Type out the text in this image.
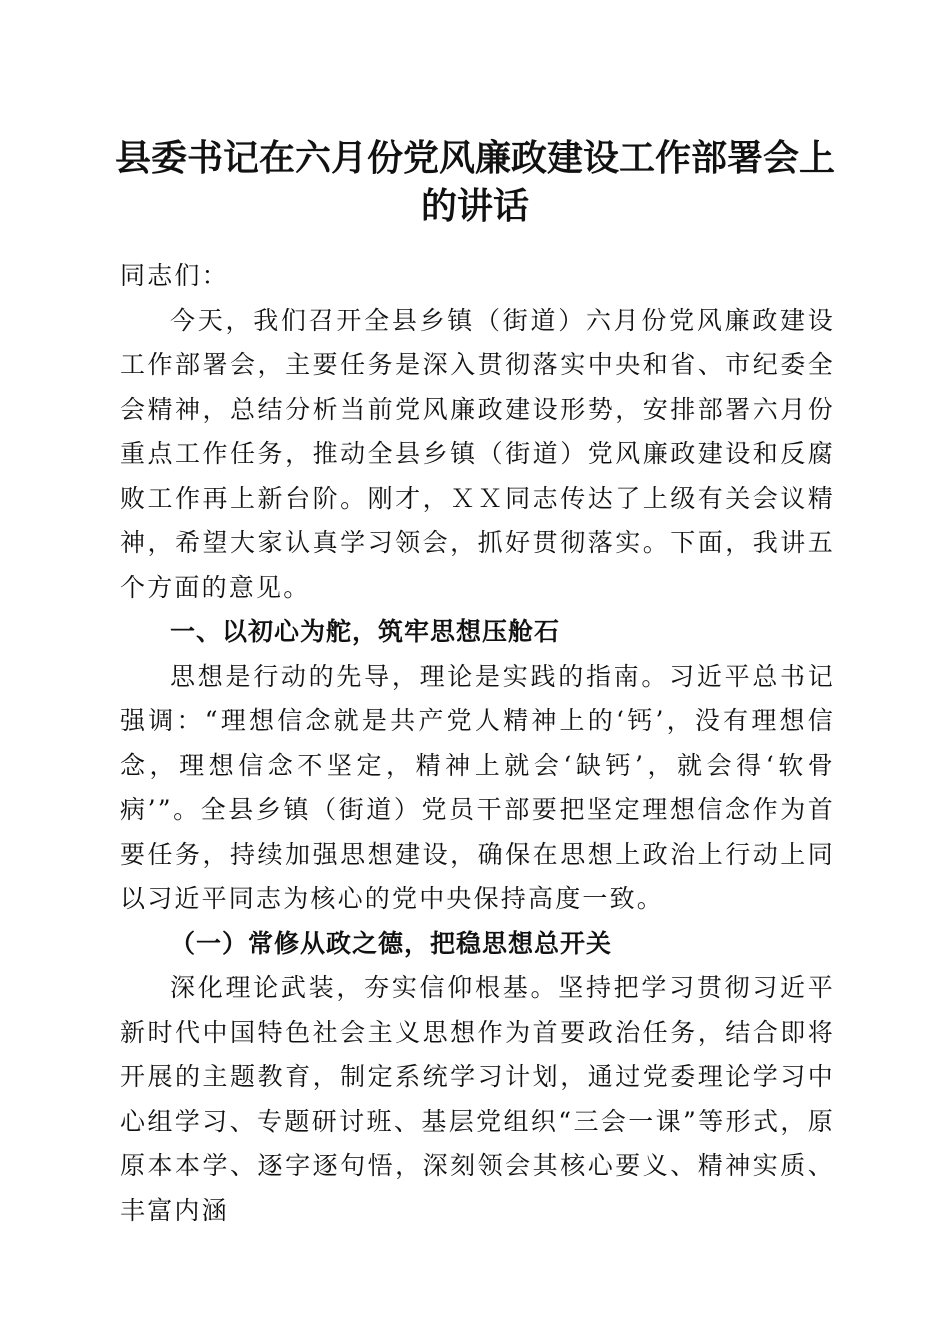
县委书记在六月份党风廉政建设工作部署会上的讲话

同志们：

今天，我们召开全县乡镇（街道）六月份党风廉政建设工作部署会，主要任务是深入贯彻落实中央和省、市纪委全会精神，总结分析当前党风廉政建设形势，安排部署六月份重点工作任务，推动全县乡镇（街道）党风廉政建设和反腐败工作再上新台阶。刚才，ＸＸ同志传达了上级有关会议精神，希望大家认真学习领会，抓好贯彻落实。下面，我讲五个方面的意见。

一、以初心为舵，筑牢思想压舱石

思想是行动的先导，理论是实践的指南。习近平总书记强调：“理想信念就是共产党人精神上的‘钙’，没有理想信念，理想信念不坚定，精神上就会‘缺钙’，就会得‘软骨病’”。全县乡镇（街道）党员干部要把坚定理想信念作为首要任务，持续加强思想建设，确保在思想上政治上行动上同以习近平同志为核心的党中央保持高度一致。

（一）常修从政之德，把稳思想总开关

深化理论武装，夯实信仰根基。坚持把学习贯彻习近平新时代中国特色社会主义思想作为首要政治任务，结合即将开展的主题教育，制定系统学习计划，通过党委理论学习中心组学习、专题研讨班、基层党组织“三会一课”等形式，原原本本学、逐字逐句悟，深刻领会其核心要义、精神实质、丰富内涵
